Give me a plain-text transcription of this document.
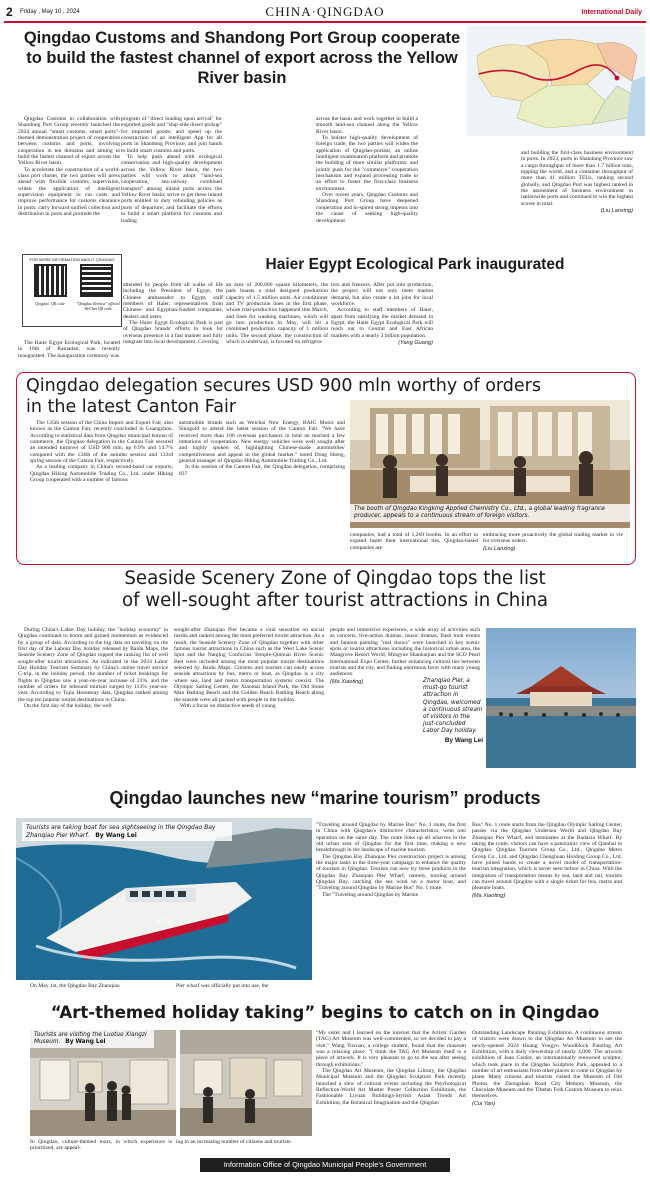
2 Friday , May 10 , 2024	CHINA·QINGDAO	International Daily
Qingdao Customs and Shandong Port Group cooperate to build the fastest channel of export across the Yellow River basin

Qingdao Customs in collaboration with Shandong Port Group recently launched the 2024 annual "smart customs, smart ports"-themed demonstration project of cooperation between customs and ports, involving cooperation in ten domains and aiming to build the fastest channel of export across the Yellow River basin.

To accelerate the construction of a world-class port cluster, the two parties will press ahead with flexible customs supervision, widen the application of intelligent supervision equipment to cut costs and improve performance for customs clearance in ports; carry forward unified collection and distribution in ports and promote the

program of "direct loading upon arrival" for exported goods and "ship-side direct pickup" for imported goods; and speed up the construction of an intelligent App for all ports in Shandong Province, and join hands to build smart customs and ports.

To help push ahead with ecological conservation and high-quality development across the Yellow River basin, the two parties will work to adopt "land-sea cooperation, sea-railway combined transport" among inland ports across the Yellow River basin; strive to get these inland ports entitled to duty refunding policies as ports of departure; and facilitate the efforts to build a smart platform for customs and trading

across the basin and work together to build a smooth land-sea channel along the Yellow River basin.

To bolster high-quality development of foreign trade, the two parties will widen the application of Qingdao-portant, an online intelligent examination platform and promote the building of more similar platforms; and jointly push for the "commerce" cooperation mechanism and expand processing trade in an effort to foster the first-class business environment.

Over recent years, Qingdao Customs and Shandong Port Group have deepened cooperation and in-spired strong impetus into the cause of seeking high-quality development

and building the first-class business environment in ports. In 2023, ports in Shandong Province saw a cargo throughput of more than 1.7 billion tons, topping the world, and a container throughput of more than 41 million TEUs, ranking second globally, and Qingdao Port was highest ranked in the assessment of business environment in nationwide ports and continued to win the highest scores in total.

(Liu Lanxing)
FOR MORE INFORMATION ABOUT QINGDAO
Qingdao' QR code	"Qingdao Release" official WeChat QR code
Haier Egypt Ecological Park inaugurated

The Haier Egypt Ecological Park, located in 10th of Ramadan, was recently inaugurated. The inauguration ceremony was

attended by people from all walks of life including the President of Egypt, the Chinese ambassador to Egypt, staff members of Haier, representatives from Chinese- and Egyptian-funded companies, dealers and users.

The Haier Egypt Ecological Park is part of Qingdao brands' efforts to look for overseas presence in a fast manner and fully integrate into local development. Covering

an area of 200,000 square kilometers, the park boasts a total designed production capacity of 1.5 million units. Air conditioner and TV production lines in the first phase, whose trial-production happened this March, and lines for washing machines, which will go into production in May, will hit a combined production capacity of 1 million units. The second phase, the construction of which is underway, is focused on refrigera-

tors and freezers. After put into production, the project will not only meet market demand, but also create a lot jobs for local workforce.

According to staff members of Haier, apart from satisfying the market demand in Egypt, the Haier Egypt Ecological Park will reach out to Central and East African markets with a nearly 2 billion population.

(Yang Guang)
Qingdao delegation secures USD 900 mln worthy of orders
in the latest Canton Fair
The booth of Qingdao Kingking Applied Chemistry Co., Ltd., a global leading fragrance producer, appeals to a continuous stream of foreign visitors.

The 135th session of the China Import and Export Fair, also known as the Canton Fair, recently concluded in Guangzhou. According to statistical data from Qingdao municipal bureau of commerce, the Qingdao delegation in the Canton Fair secured an intended turnover of USD 900 mln, up 6.9% and 14.7% compared with the 134th of the autumn session and 133rd spring session of the Canton Fair, respectively.

As a leading company in China's second-hand car exports, Qingdao Hiking Automobile Trading Co., Ltd. under Hiking Group cooperated with a number of famous

automobile brands such as Weichai New Energy, BAIC Motor and Sinogold to attend the latest session of the Canton Fair. "We have received more than 100 overseas purchasers in total an reached a few intentions of cooperation. New energy vehicles were well sought after and highly spoken of, highlighting Chinese-made automobiles' competitiveness and appeal in the global market." noted Dong Sheng, general manager of Qingdao Hiking Automobile Trading Co., Ltd.

In this session of the Canton Fair, the Qingdao delegation, comprising 837

companies, had a total of 1,269 booths. In an effort to expand faster their international ties, Qingdao-based companies are

embracing more proactively the global trading market to vie for overseas orders.

(Liu Lanxing)
Seaside Scenery Zone of Qingdao tops the list
of well-sought after tourist attractions in China

During China's Labor Day holiday, the "holiday economy" in Qingdao continued to boom and gained momentum as evidenced by a group of data. According to the big data on traveling on the first day of the Labour Day holiday released by Baidu Maps, the Seaside Scenery Zone of Qingdao topped the ranking list of well sought-after tourist attractions. As indicated in the 2024 Labor Day Holiday Tourism Summary by China's online travel service C-trip, in the holiday period, the number of ticket bookings for flights to Qingdao saw a year-on-year increase of 21%, and the number of orders for inbound tourism surged by 113% year-on-year. According to Tujia Homestay data, Qingdao ranked among the top ten popular tourist destinations in China.

On the first day of the holiday, the well

sought-after Zhanqiao Pier became a viral sensation on social media and ranked among the most preferred tourist attraction. As a result, the Seaside Scenery Zone of Qingdao together with other famous tourist attractions in China such as the West Lake Scenic Spot and the Nanjing Confucius Temple-Qinhuai River Scenic Belt were included among the most popular tourist destinations selected by Baidu Maps. Citizens and tourists can easily access seaside attractions by bus, metro or boat, as Qingdao is a city where sea, land and metro transportation systems coexist. The Olympic Sailing Center, the Xiaomai Island Park, the Old Stone Man Bathing Beach and the Golden Beach Bathing Beach along the seaside were all packed with people in the holiday.

With a focus on distinctive needs of young

people and immersive experience, a wide array of activities such as concerts, live-action dramas, music dramas, flash mob events and famous painting "real shows" were launched in key scenic spots or tourist attractions including the historical urban area, the Mangrove Resort World, Mingyue Shanhaijian and the SCO Pearl International Expo Center, further enhancing cultural ties between tourists and the city, and finding enormous favor with many young audiences.

(Ma Xiaoting)	Zhanqiao Pier, a must-go tourist attraction in Qingdao, welcomed a continuous stream of visitors in the just-concluded Labor Day holiday.
By Wang Lei
Qingdao launches new “marine tourism” products
FERRY
Tourists are taking boat for sea sightseeing in the Qingdao Bay Zhanqiao Pier Wharf. By Wang Lei
On May 1st, the Qingdao Bay Zhanqiao	Pier wharf was officially put into use, the

"Traveling around Qingdao by Marine Bus" No. 1 route, the first in China with Qingdao's distinctive characteristics, went into operation on the same day. The route links up all wharves in the old urban area of Qingdao for the first time, making a new breakthrough in the landscape of marine tourism.

The Qingdao Bay Zhanqiao Pier construction project is among the major tasks in the three-year campaign to enhance the quality of tourism in Qingdao. Tourists can now try three products in the Qingdao Bay Zhanqiao Pier Wharf, namely, touring around Qingdao Bay, catching the sea wind on a motor boat, and "Traveling around Qingdao by Marine Bus" No. 1 route.

The "Traveling around Qingdao by Marine

Bus" No. 1 route starts from the Qingdao Olympic Sailing Center, passes via the Qingdao Undersea World and Qingdao Bay Zhanqiao Pier Wharf, and terminates at the Badaxia Wharf. By taking the route, visitors can have a panoramic view of Qianhai in Qingdao. Qingdao Tourism Group Co., Ltd., Qingdao Metro Group Co., Ltd. and Qingdao Chenghuan Holding Group Co., Ltd. have joined hands to create a novel model of transportation-tourism integration, which is never seen before in China. With the integration of transportation means by sea, land and rail, tourists can travel around Qingdao with a single ticket for bus, metro and pleasure boats.

(Ma Xiaoting)
“Art-themed holiday taking” begins to catch on in Qingdao
Tourists are visiting the Luotuo Xiangzi Museum. By Wang Lei
In Qingdao, culture-themed tours, in which experience is prioritized, are appeal-
ing to an increasing number of citizens and tourists.

"My sister and I learned on the internet that the Artists' Garden (TAG) Art Museum was well-commented, so we decided to pay a visit." Wang Yuxuan, a college student, found that the museum was a relaxing place. "I think the TAG Art Museum itself is a piece of artwork. It is very pleasant to go to the sea after seeing through exhibitions."

The Qingdao Art Museum, the Qingdao Library, the Qingdao Municipal Museum and the Qingdao Sculpture Park recently launched a slew of cultural events including the Psychological Reflection-World Art Master Poster Collection Exhibition, the Fashionable Liyuan Buildings-Stylish Asian Trends Art Exhibition, the Botanical Imagination and the Qingdao

Outstanding Landscape Painting Exhibition. A continuous stream of visitors were drawn to the Qingdao Art Museum to see the newly-opened 2024 Huang Yongyu Woodblock Painting Art Exhibition, with a daily viewership of nearly 4,000. The artwork exhibition of Jean Cardot, an internationally renowned sculptor, which took place in the Qingdao Sculpture Park, appealed to a number of art enthusiasts from other places to come to Qingdao by plane. Many citizens and tourists visited the Museum of Old Photos, the Zhongshan Road City Memory Museum, the Chocolate Museum and the Tibetan Folk Custom Museum to relax themselves.

(Cui Yan)
Information Office of Qingdao Municipal People's Government
